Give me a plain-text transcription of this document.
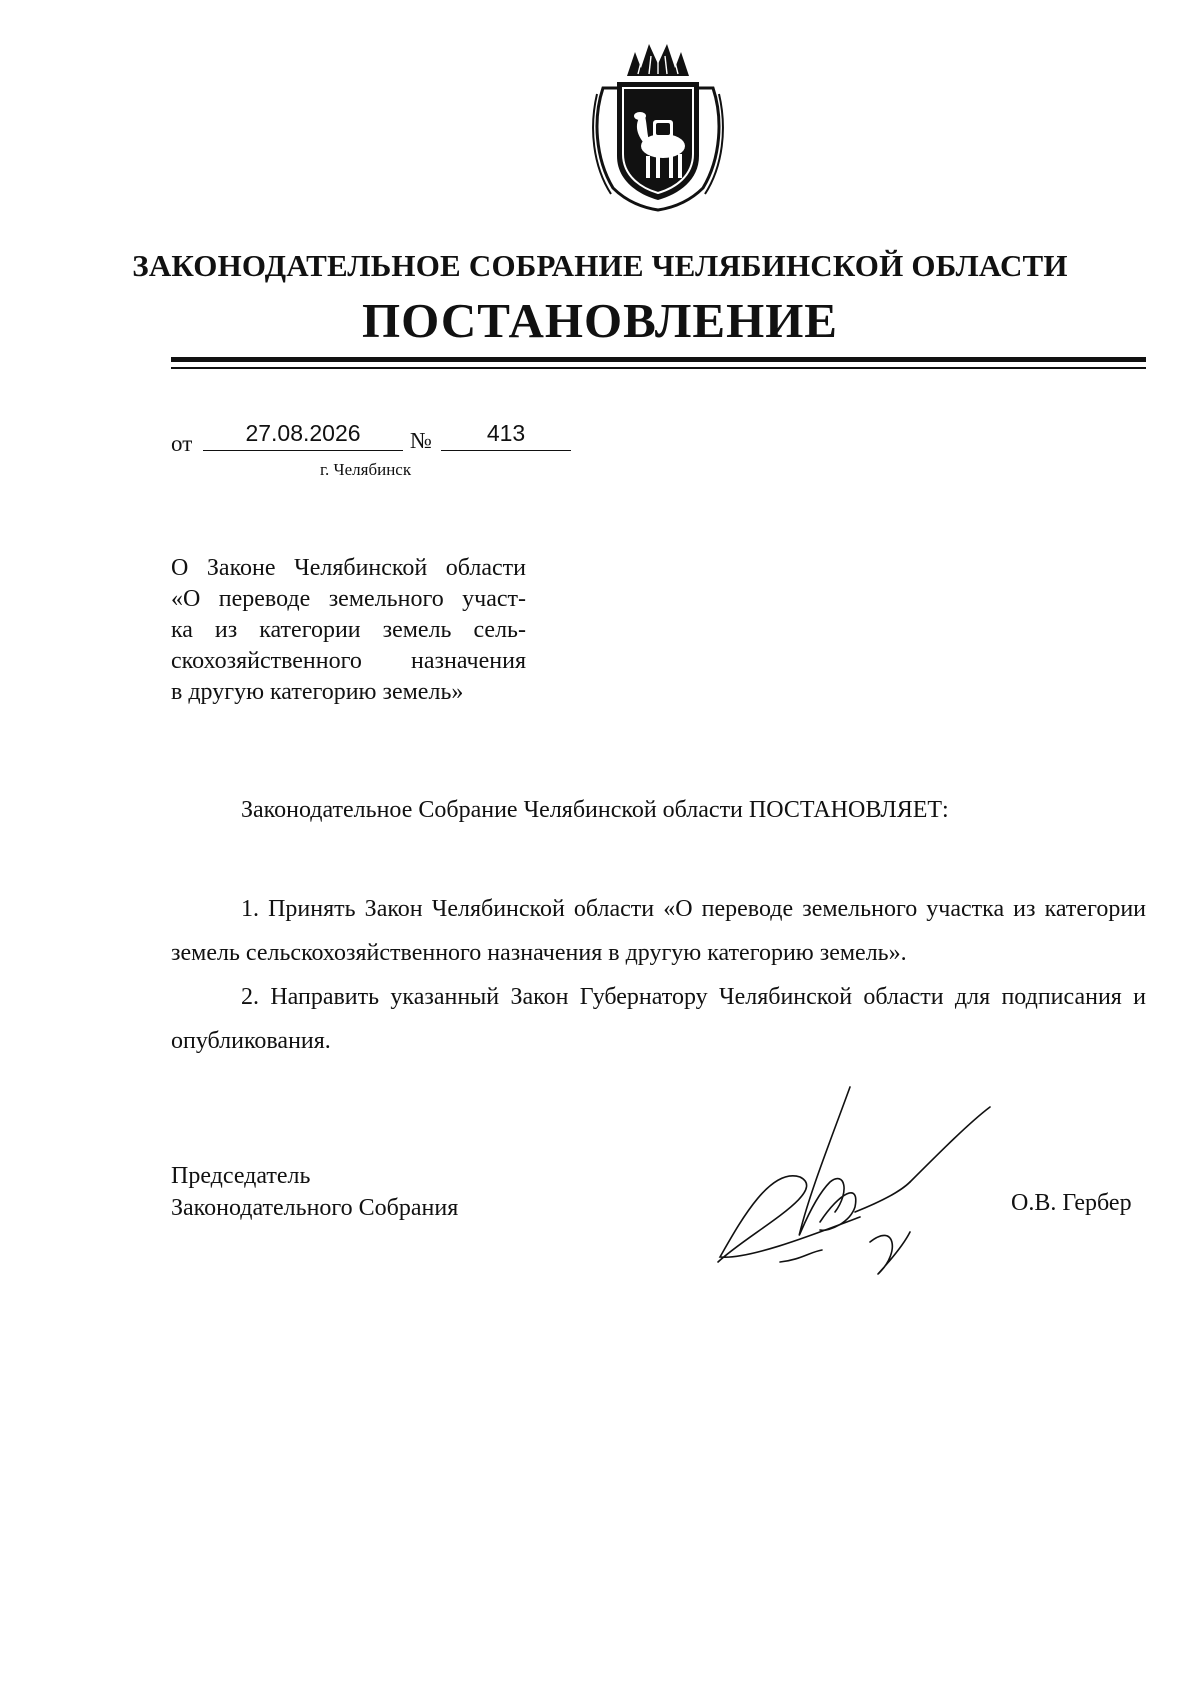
ЗАКОНОДАТЕЛЬНОЕ СОБРАНИЕ ЧЕЛЯБИНСКОЙ ОБЛАСТИ
ПОСТАНОВЛЕНИЕ
от	27.08.2026	№	413
г. Челябинск
О Законе Челябинской области
«О переводе земельного участ-
ка из категории земель сель-
скохозяйственного назначения
в другую категорию земель»
Законодательное Собрание Челябинской области ПОСТАНОВЛЯЕТ:
1. Принять Закон Челябинской области «О переводе земельного участка из категории земель сельскохозяйственного назначения в другую категорию земель».
2. Направить указанный Закон Губернатору Челябинской области для подписания и опубликования.
Председатель
Законодательного Собрания	О.В. Гербер
